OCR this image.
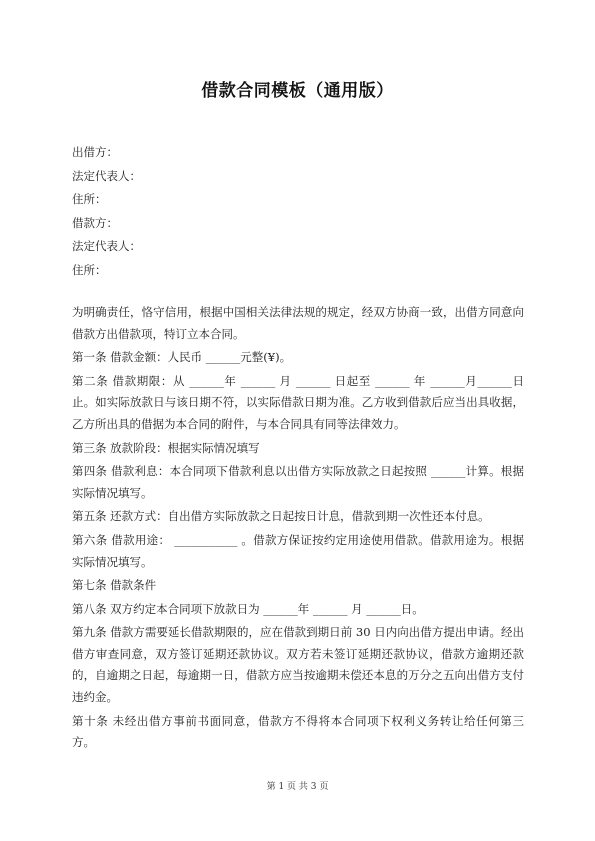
借款合同模板（通用版）
出借方：
法定代表人：
住所：
借款方：
法定代表人：
住所：

为明确责任，恪守信用，根据中国相关法律法规的规定，经双方协商一致，出借方同意向借款方出借款项，特订立本合同。

第一条 借款金额：人民币 ______元整(¥)。

第二条 借款期限：从 ______年 ______ 月 ______ 日起至 ______ 年 ______月______日止。如实际放款日与该日期不符，以实际借款日期为准。乙方收到借款后应当出具收据，乙方所出具的借据为本合同的附件，与本合同具有同等法律效力。

第三条 放款阶段：根据实际情况填写

第四条 借款利息：本合同项下借款利息以出借方实际放款之日起按照 ______计算。根据实际情况填写。

第五条 还款方式：自出借方实际放款之日起按日计息，借款到期一次性还本付息。

第六条 借款用途： ___________ 。借款方保证按约定用途使用借款。借款用途为。根据实际情况填写。

第七条 借款条件

第八条 双方约定本合同项下放款日为 ______年 ______ 月 ______日。

第九条 借款方需要延长借款期限的，应在借款到期日前 30 日内向出借方提出申请。经出借方审查同意，双方签订延期还款协议。双方若未签订延期还款协议，借款方逾期还款的，自逾期之日起，每逾期一日，借款方应当按逾期未偿还本息的万分之五向出借方支付违约金。

第十条 未经出借方事前书面同意，借款方不得将本合同项下权利义务转让给任何第三方。

第 1 页 共 3 页
